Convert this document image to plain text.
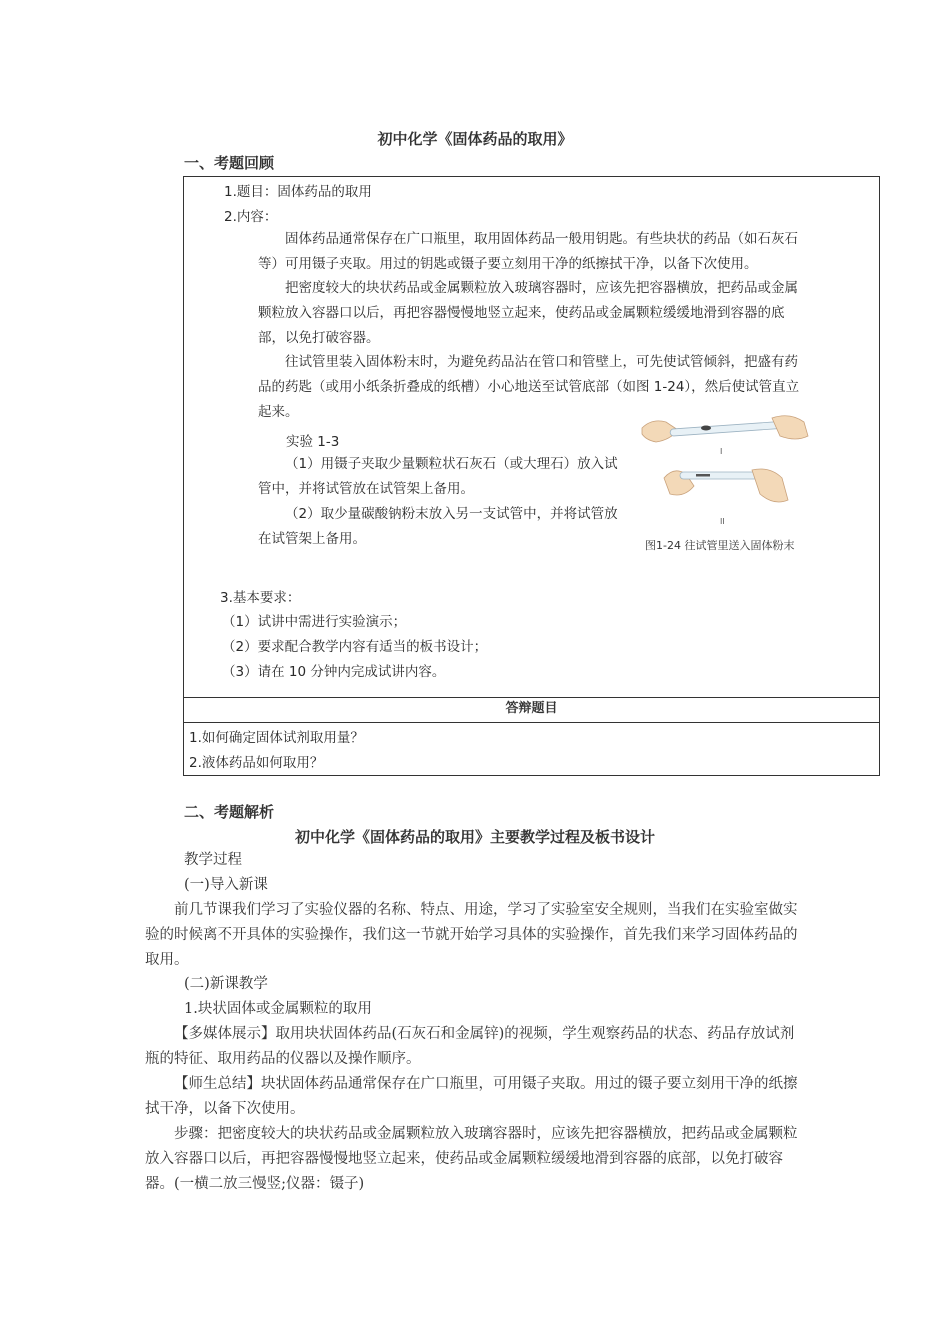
初中化学《固体药品的取用》
一、考题回顾
1.题目：固体药品的取用
2.内容：
固体药品通常保存在广口瓶里，取用固体药品一般用钥匙。有些块状的药品（如石灰石等）可用镊子夹取。用过的钥匙或镊子要立刻用干净的纸擦拭干净，以备下次使用。
把密度较大的块状药品或金属颗粒放入玻璃容器时，应该先把容器横放，把药品或金属颗粒放入容器口以后，再把容器慢慢地竖立起来，使药品或金属颗粒缓缓地滑到容器的底部，以免打破容器。
往试管里装入固体粉末时，为避免药品沾在管口和管壁上，可先使试管倾斜，把盛有药品的药匙（或用小纸条折叠成的纸槽）小心地送至试管底部（如图 1-24），然后使试管直立起来。
实验 1-3
（1）用镊子夹取少量颗粒状石灰石（或大理石）放入试管中，并将试管放在试管架上备用。
（2）取少量碳酸钠粉末放入另一支试管中，并将试管放在试管架上备用。
I
II
图1-24 往试管里送入固体粉末
3.基本要求：
（1）试讲中需进行实验演示；
（2）要求配合教学内容有适当的板书设计；
（3）请在 10 分钟内完成试讲内容。
答辩题目
1.如何确定固体试剂取用量？
2.液体药品如何取用？
二、考题解析
初中化学《固体药品的取用》主要教学过程及板书设计
教学过程
(一)导入新课
前几节课我们学习了实验仪器的名称、特点、用途，学习了实验室安全规则，当我们在实验室做实验的时候离不开具体的实验操作，我们这一节就开始学习具体的实验操作，首先我们来学习固体药品的取用。
(二)新课教学
1.块状固体或金属颗粒的取用
【多媒体展示】取用块状固体药品(石灰石和金属锌)的视频，学生观察药品的状态、药品存放试剂瓶的特征、取用药品的仪器以及操作顺序。
【师生总结】块状固体药品通常保存在广口瓶里，可用镊子夹取。用过的镊子要立刻用干净的纸擦拭干净，以备下次使用。
步骤：把密度较大的块状药品或金属颗粒放入玻璃容器时，应该先把容器横放，把药品或金属颗粒放入容器口以后，再把容器慢慢地竖立起来，使药品或金属颗粒缓缓地滑到容器的底部，以免打破容器。(一横二放三慢竖;仪器：镊子)
